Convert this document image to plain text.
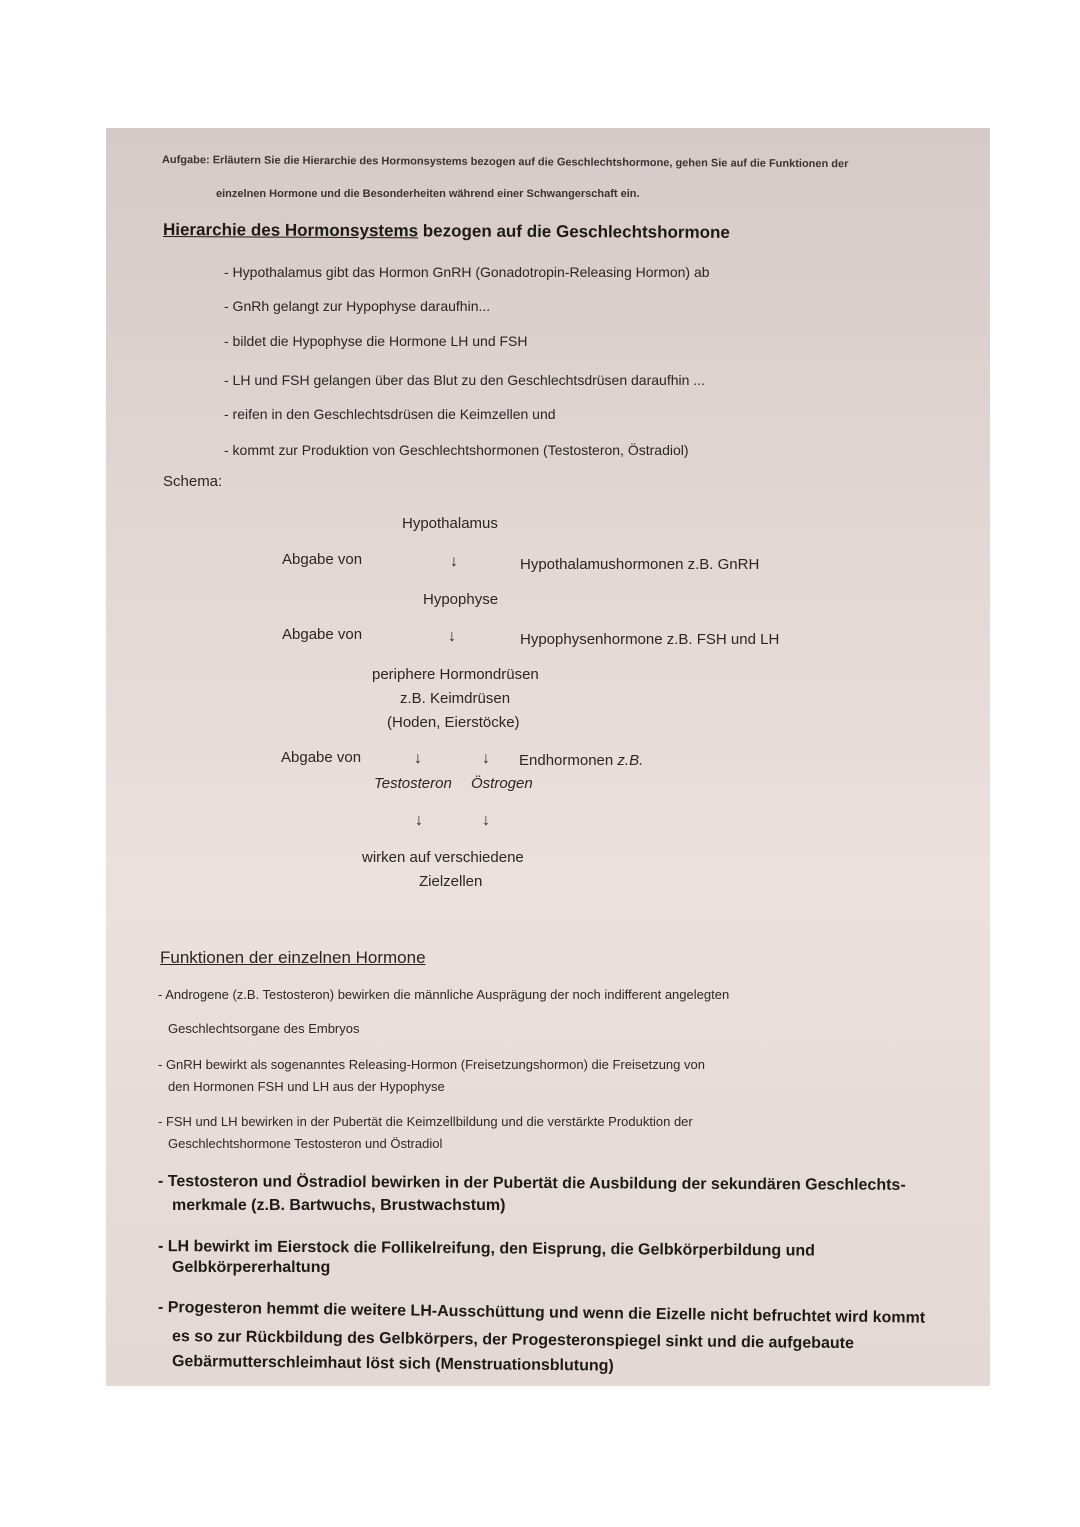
Aufgabe: Erläutern Sie die Hierarchie des Hormonsystems bezogen auf die Geschlechtshormone, gehen Sie auf die Funktionen der
einzelnen Hormone und die Besonderheiten während einer Schwangerschaft ein.
Hierarchie des Hormonsystems bezogen auf die Geschlechtshormone
- Hypothalamus gibt das Hormon GnRH (Gonadotropin-Releasing Hormon) ab
- GnRh gelangt zur Hypophyse daraufhin...
- bildet die Hypophyse die Hormone LH und FSH
- LH und FSH gelangen über das Blut zu den Geschlechtsdrüsen daraufhin ...
- reifen in den Geschlechtsdrüsen die Keimzellen und
- kommt zur Produktion von Geschlechtshormonen (Testosteron, Östradiol)
Schema:
Hypothalamus
Abgabe von	↓	Hypothalamushormonen z.B. GnRH
Hypophyse
Abgabe von	↓	Hypophysenhormone z.B. FSH und LH
periphere Hormondrüsen
z.B. Keimdrüsen
(Hoden, Eierstöcke)
Abgabe von	↓	↓ Endhormonen z.B.
Testosteron Östrogen
↓	↓
wirken auf verschiedene
Zielzellen
Funktionen der einzelnen Hormone
- Androgene (z.B. Testosteron) bewirken die männliche Ausprägung der noch indifferent angelegten
Geschlechtsorgane des Embryos
- GnRH bewirkt als sogenanntes Releasing-Hormon (Freisetzungshormon) die Freisetzung von
den Hormonen FSH und LH aus der Hypophyse
- FSH und LH bewirken in der Pubertät die Keimzellbildung und die verstärkte Produktion der
Geschlechtshormone Testosteron und Östradiol
- Testosteron und Östradiol bewirken in der Pubertät die Ausbildung der sekundären Geschlechts-
merkmale (z.B. Bartwuchs, Brustwachstum)
- LH bewirkt im Eierstock die Follikelreifung, den Eisprung, die Gelbkörperbildung und
Gelbkörpererhaltung
- Progesteron hemmt die weitere LH-Ausschüttung und wenn die Eizelle nicht befruchtet wird kommt
es so zur Rückbildung des Gelbkörpers, der Progesteronspiegel sinkt und die aufgebaute
Gebärmutterschleimhaut löst sich (Menstruationsblutung)
